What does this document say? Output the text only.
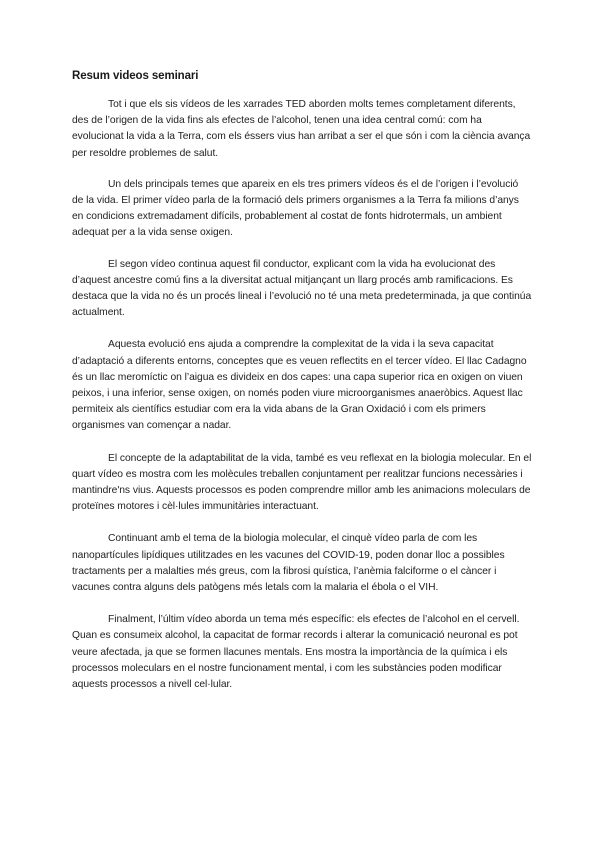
Resum videos seminari

Tot i que els sis vídeos de les xarrades TED aborden molts temes completament diferents, des de l’origen de la vida fins als efectes de l’alcohol, tenen una idea central comú: com ha evolucionat la vida a la Terra, com els éssers vius han arribat a ser el que són i com la ciència avança per resoldre problemes de salut.

Un dels principals temes que apareix en els tres primers vídeos és el de l’origen i l’evolució de la vida. El primer vídeo parla de la formació dels primers organismes a la Terra fa milions d’anys en condicions extremadament difícils, probablement al costat de fonts hidrotermals, un ambient adequat per a la vida sense oxigen.

El segon vídeo continua aquest fil conductor, explicant com la vida ha evolucionat des d’aquest ancestre comú fins a la diversitat actual mitjançant un llarg procés amb ramificacions. Es destaca que la vida no és un procés lineal i l’evolució no té una meta predeterminada, ja que continúa actualment.

Aquesta evolució ens ajuda a comprendre la complexitat de la vida i la seva capacitat d’adaptació a diferents entorns, conceptes que es veuen reflectits en el tercer vídeo. El llac Cadagno és un llac meromíctic on l’aigua es divideix en dos capes: una capa superior rica en oxigen on viuen peixos, i una inferior, sense oxigen, on només poden viure microorganismes anaeròbics. Aquest llac permiteix als científics estudiar com era la vida abans de la Gran Oxidació i com els primers organismes van començar a nadar.

El concepte de la adaptabilitat de la vida, també es veu reflexat en la biologia molecular. En el quart vídeo es mostra com les molècules treballen conjuntament per realitzar funcions necessàries i mantindre'ns vius. Aquests processos es poden comprendre millor amb les animacions moleculars de proteïnes motores i cèl·lules immunitàries interactuant.

Continuant amb el tema de la biologia molecular, el cinquè vídeo parla de com les nanopartícules lipídiques utilitzades en les vacunes del COVID-19, poden donar lloc a possibles tractaments per a malalties més greus, com la fibrosi quística, l’anèmia falciforme o el càncer i vacunes contra alguns dels patògens més letals com la malaria el ébola o el VIH.

Finalment, l’últim vídeo aborda un tema més específic: els efectes de l’alcohol en el cervell. Quan es consumeix alcohol, la capacitat de formar records i alterar la comunicació neuronal es pot veure afectada, ja que se formen llacunes mentals. Ens mostra la importància de la química i els processos moleculars en el nostre funcionament mental, i com les substàncies poden modificar aquests processos a nivell cel·lular.
